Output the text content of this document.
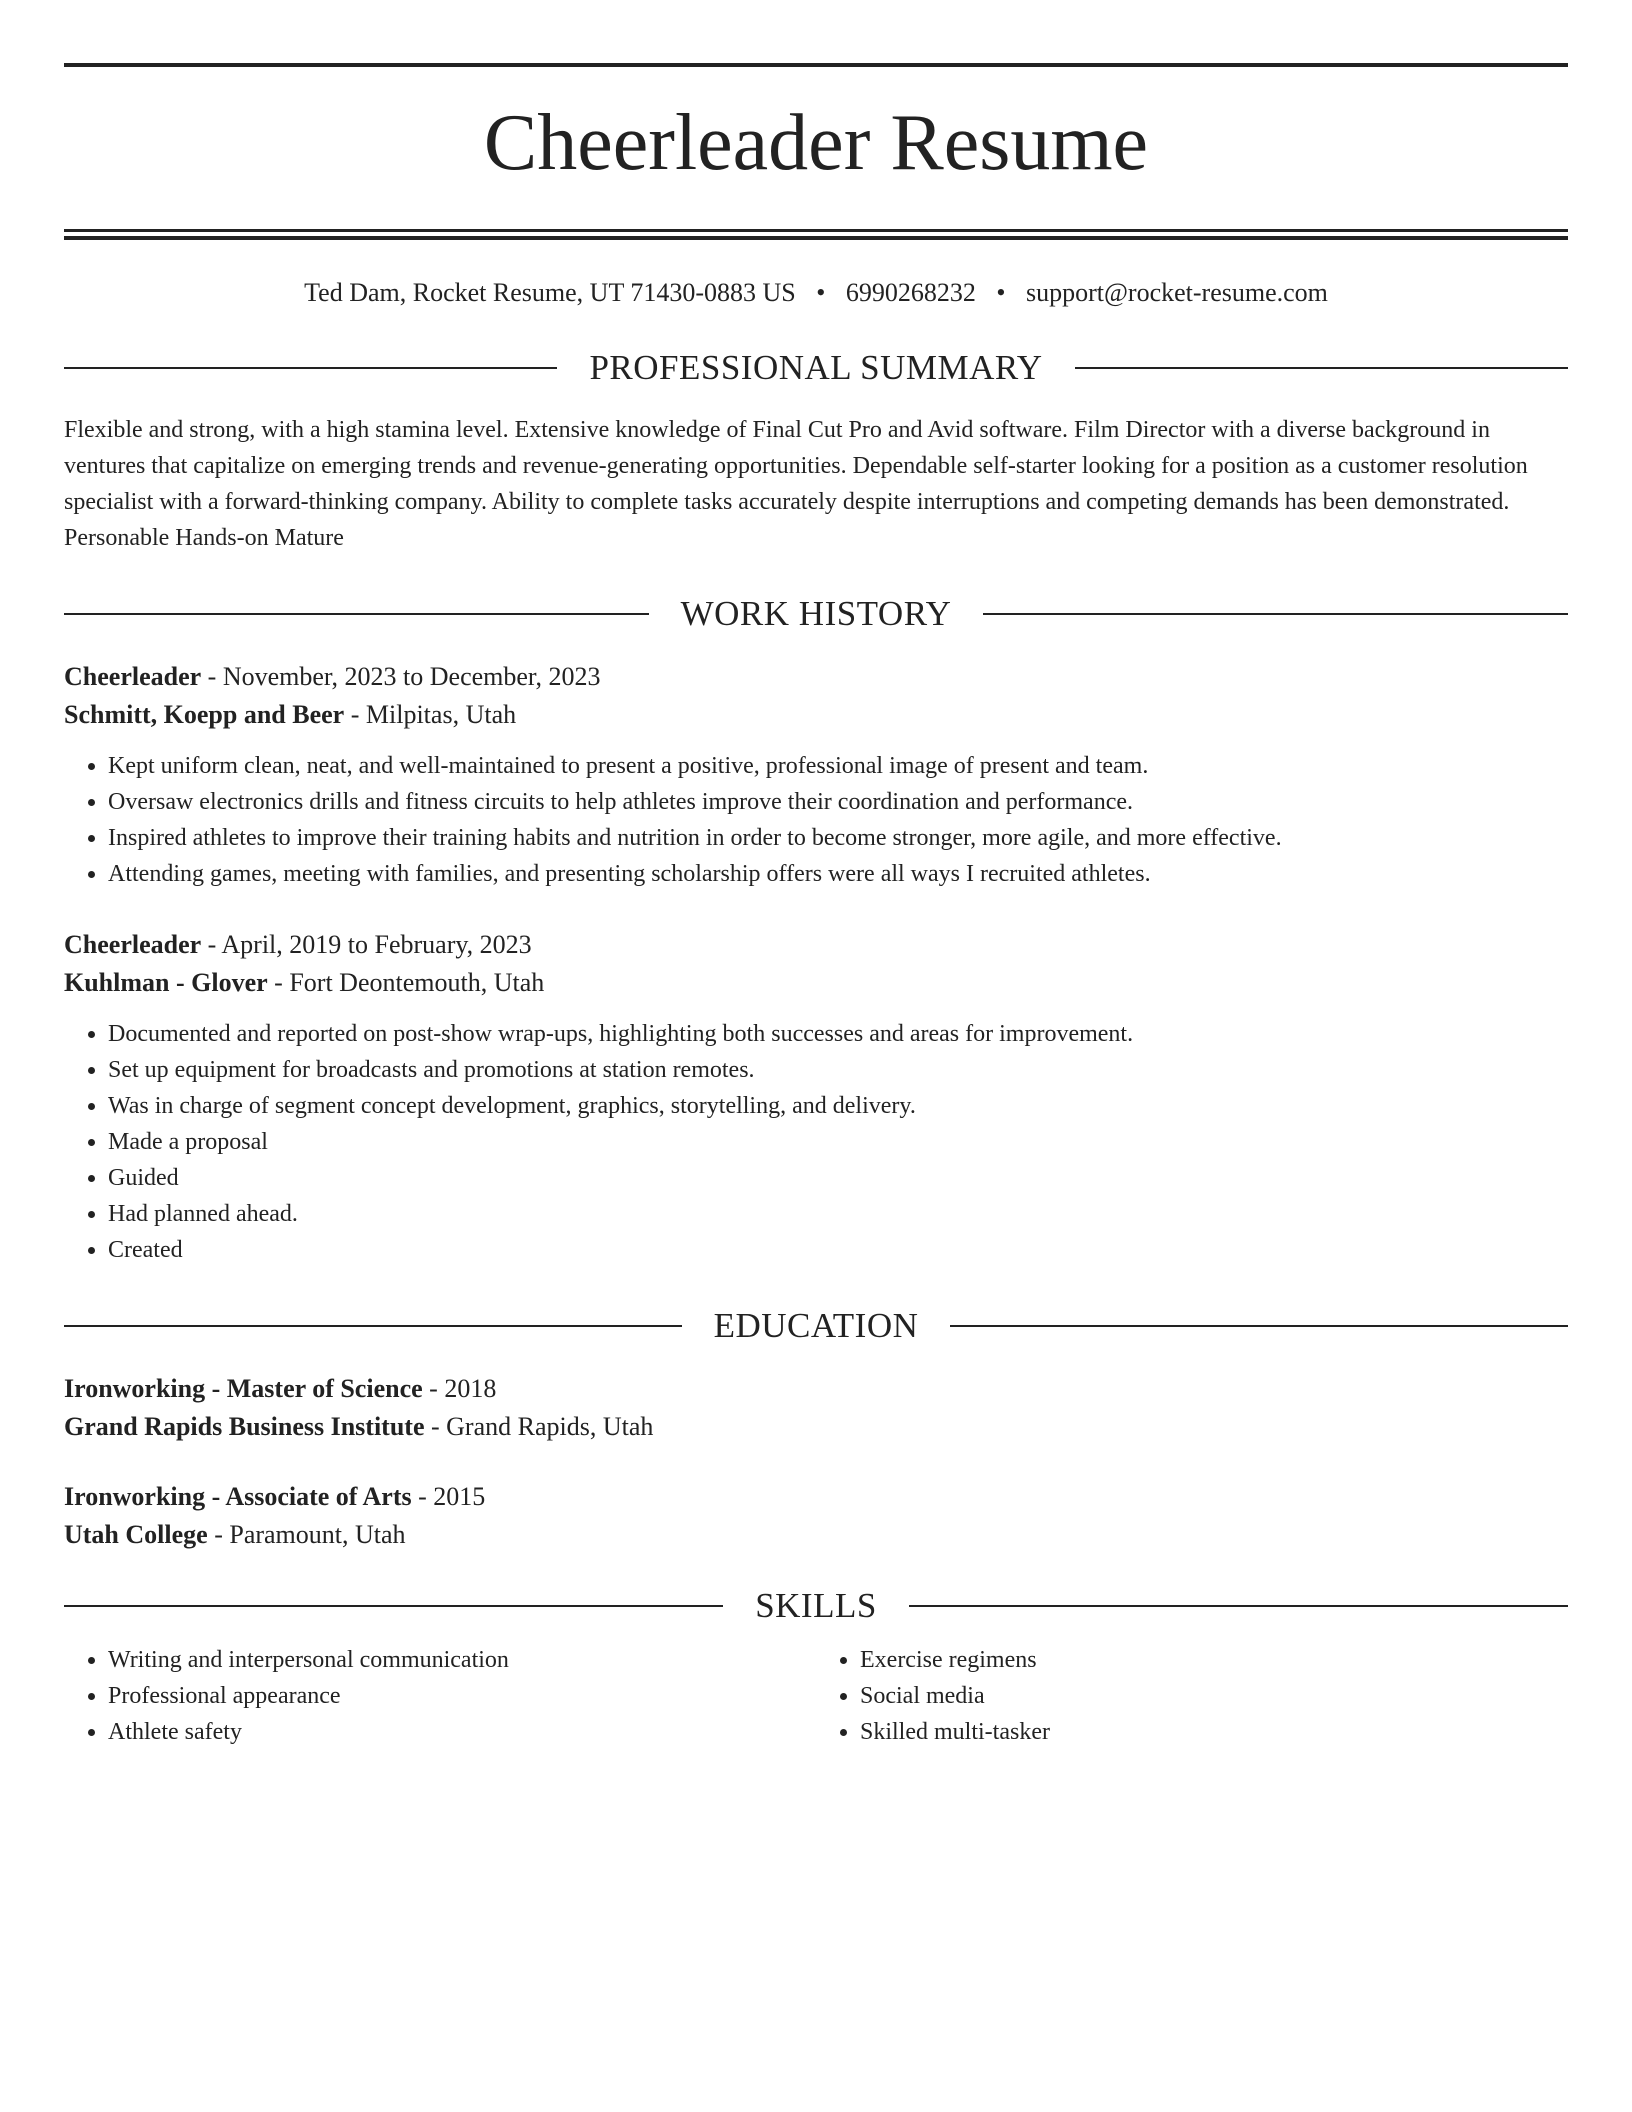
Cheerleader Resume
Ted Dam, Rocket Resume, UT 71430-0883 US • 6990268232 • support@rocket-resume.com
PROFESSIONAL SUMMARY
Flexible and strong, with a high stamina level. Extensive knowledge of Final Cut Pro and Avid software. Film Director with a diverse background in ventures that capitalize on emerging trends and revenue-generating opportunities. Dependable self-starter looking for a position as a customer resolution specialist with a forward-thinking company. Ability to complete tasks accurately despite interruptions and competing demands has been demonstrated. Personable Hands-on Mature
WORK HISTORY
Cheerleader - November, 2023 to December, 2023
Schmitt, Koepp and Beer - Milpitas, Utah
• Kept uniform clean, neat, and well-maintained to present a positive, professional image of present and team.
• Oversaw electronics drills and fitness circuits to help athletes improve their coordination and performance.
• Inspired athletes to improve their training habits and nutrition in order to become stronger, more agile, and more effective.
• Attending games, meeting with families, and presenting scholarship offers were all ways I recruited athletes.
Cheerleader - April, 2019 to February, 2023
Kuhlman - Glover - Fort Deontemouth, Utah
• Documented and reported on post-show wrap-ups, highlighting both successes and areas for improvement.
• Set up equipment for broadcasts and promotions at station remotes.
• Was in charge of segment concept development, graphics, storytelling, and delivery.
• Made a proposal
• Guided
• Had planned ahead.
• Created
EDUCATION
Ironworking - Master of Science - 2018
Grand Rapids Business Institute - Grand Rapids, Utah
Ironworking - Associate of Arts - 2015
Utah College - Paramount, Utah
SKILLS
• Writing and interpersonal communication
• Professional appearance
• Athlete safety
• Exercise regimens
• Social media
• Skilled multi-tasker
